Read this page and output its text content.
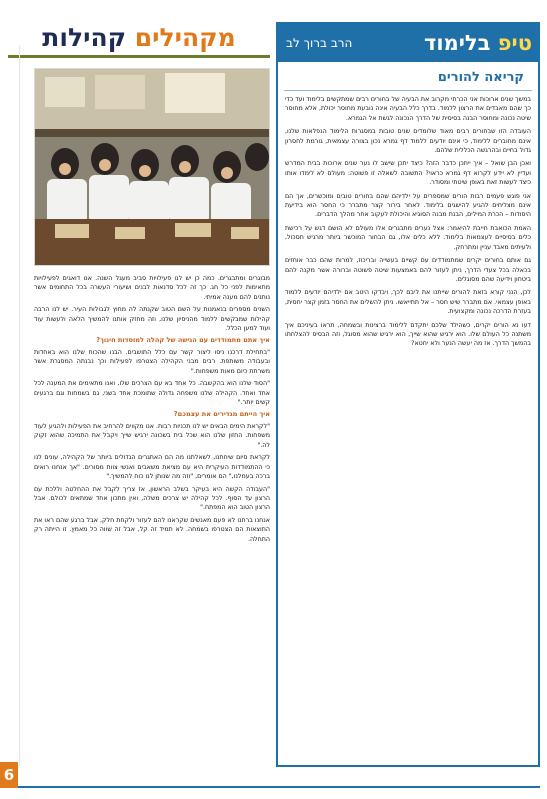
מקהילים קהילות

מבוגרים ומתבגרים. כמה כן יש לנו פעילויות סביב מעגל השנה. אנו דואגים לפעילויות מתאימות לפני כל חג. כך זה לכל סדנאות לבנים ושיעורי העשרה בכל התחומים אשר נותנים להם מענה אמיתי.

השנים מספרים בנאמנות על השם הטוב שקנתה לה מחוץ לגבולות העיר. יש לנו הרבה קהילות שמבקשים ללמוד מהניסיון שלנו, וזה מחזק אותנו להמשיך הלאה ולעשות עוד ועוד למען הכלל.

איך אתם מתמודדים עם הגישה של קהלה למוסדות חינוך?

"בתחילת דרכנו ניסו ליצור קשר עם כלל התושבים. הבנו שהכוח שלנו הוא באחדות ובעבודה משותפת. רבים מבני הקהילה הצטרפו לפעילות וכך נבנתה המסגרת אשר משרתת כיום מאות משפחות."

"הסוד שלנו הוא בהקשבה. כל אחד בא עם הצרכים שלו, ואנו מתאימים את המענה לכל אחד ואחד. הקהילה שלנו משפחה גדולה שתומכת אחד בשני, גם בשמחות וגם ברגעים קשים יותר."

איך הייתם מגדירים את עצמכם?

"לקראת הימים הבאים יש לנו תכניות רבות. אנו מקווים להרחיב את הפעילות ולהגיע לעוד משפחות. החזון שלנו הוא שכל בית בשכונה ירגיש שייך ויקבל את התמיכה שהוא זקוק לה."

לקראת סיום שיחתנו, לשאלתנו מה הם האתגרים הגדולים ביותר של הקהילה, עונים לנו כי ההתמודדות העיקרית היא עם מציאת משאבים ואנשי צוות מסורים. "אך אנחנו רואים ברכה בעמלנו," הם אומרים, "וזה מה שנותן לנו כוח להמשיך."

"העבודה הקשה היא בעיקר בשלב הראשון, אז צריך לקבל את ההחלטה וללכת עם הרצון עד הסוף. לכל קהילה יש צרכים משלה, ואין מתכון אחד שמתאים לכולם. אבל הרצון הטוב הוא המפתח."

אנחנו ברחנו לא פעם מאנשים שקראנו להם לעזור ולקחת חלק, אבל ברגע שהם ראו את התוצאות הם הצטרפו בשמחה. לא תמיד זה קל, אבל זה שווה כל מאמץ. זו הייתה רק התחלה.

טיפ בלימוד
הרב ברוך לב
קריאה להורים

במשך שנים ארוכות אני הכרתי מקרוב את הבעיה של בחורים רבים שמתקשים בלימוד ועד כדי כך שהם מאבדים את הרצון ללמוד. בדרך כלל הבעיה אינה נובעת מחוסר יכולת, אלא מחוסר שיטה נכונה ומחוסר הבנה בסיסית של הדרך הנכונה לגשת אל הגמרא.

העובדה הזו שבחורים רבים מאוד שלומדים שנים טובות במסגרות הלימוד הנפלאות שלנו, אינם מחוברים ללימוד, כי אינם יודעים ללמוד דף גמרא נכון בצורה עצמאית, גורמת לחסרון גדול בחיים ובהרגשה הכללית שלהם.

ואכן הבן שואל – איך ייתכן כדבר הזה? כיצד יתכן שישב לו נער שנים ארוכות בבית המדרש ועדיין לא יידע לקרוא דף גמרא כראוי? התשובה לשאלה זו פשוטה: מעולם לא לימדו אותו כיצד לעשות זאת באופן שיטתי ומסודר.

אני פוגש פעמים רבות הורים שמספרים על ילדיהם שהם בחורים טובים ומוכשרים, אך הם אינם מצליחים להגיע להישגים בלימוד. לאחר בירור קצר מתברר כי החסר הוא בידיעת היסודות – הכרת המילים, הבנת מבנה הסוגיא והיכולת לעקוב אחר מהלך הדברים.

האמת הכואבת חייבת להיאמר: אצל נערים מתבגרים אלו מעולם לא הושם דגש על רכישת כלים בסיסיים לעצמאות בלימוד. ללא כלים אלו, גם הבחור המוכשר ביותר מרגיש תסכול, ולעיתים מאבד עניין ומתרחק.

גם אותם בחורים יקרים שמתמודדים עם קשיים בעשייה ובריכוז, למרות שהם כבר אוחזים בכאלה בכל צעדי הדרך, ניתן לעזור להם באמצעות שיטה פשוטה וברורה אשר מקנה להם ביטחון וידיעה שהם מסוגלים.

לכן, הנני קורא בזאת להורים שייתנו את ליבם לכך, ויבדקו היטב אם ילדיהם יודעים ללמוד באופן עצמאי. אם מתברר שיש חסר – אל תתייאשו. ניתן להשלים את החסר בזמן קצר יחסית, בעזרת הדרכה נכונה ומקצועית.

דעו נא הורים יקרים, כשהילד שלכם יתקדם ללימוד ברצינות ובשמחה, תראו בעיניכם איך משתנה כל העולם שלו. הוא ירגיש שהוא שייך, הוא ירגיש שהוא מסוגל, וזה הבסיס להצלחתו בהמשך הדרך. אז מה יעשה הנער ולא יחטא?

6
